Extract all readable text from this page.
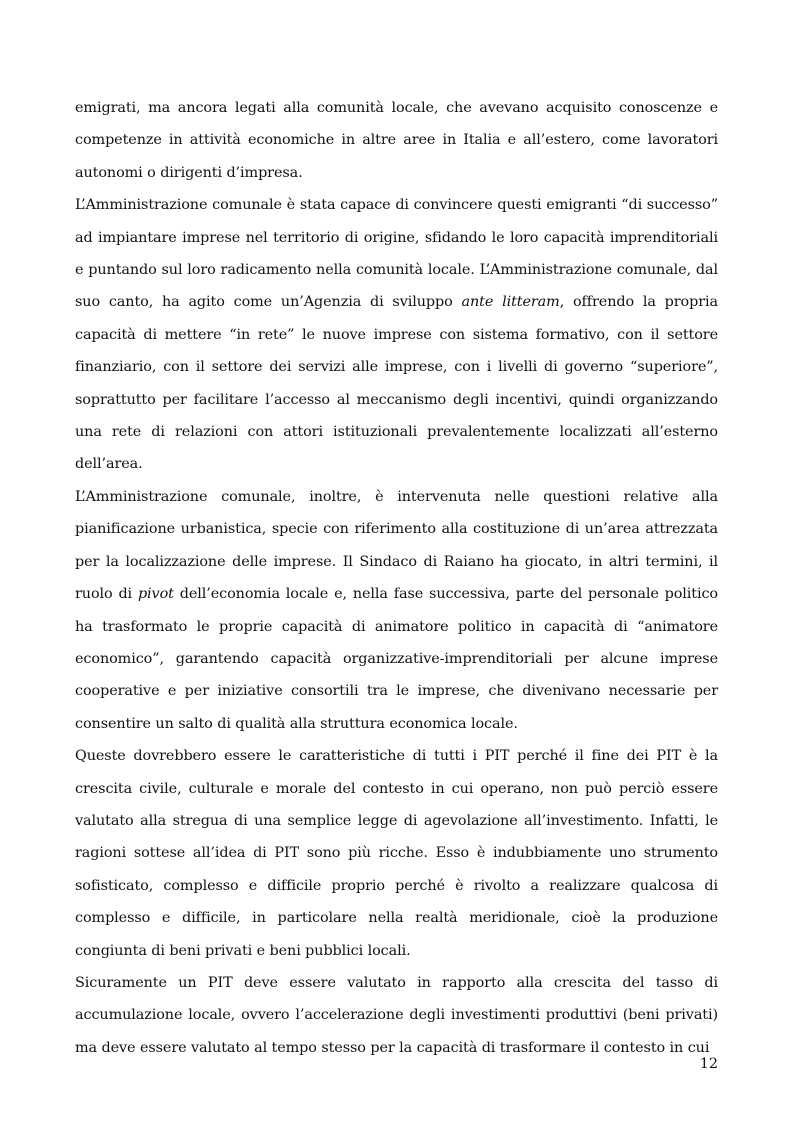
emigrati, ma ancora legati alla comunità locale, che avevano acquisito conoscenze e competenze in attività economiche in altre aree in Italia e all’estero, come lavoratori autonomi o dirigenti d’impresa.

L’Amministrazione comunale è stata capace di convincere questi emigranti “di successo” ad impiantare imprese nel territorio di origine, sfidando le loro capacità imprenditoriali e puntando sul loro radicamento nella comunità locale. L’Amministrazione comunale, dal suo canto, ha agito come un’Agenzia di sviluppo ante litteram, offrendo la propria capacità di mettere “in rete” le nuove imprese con sistema formativo, con il settore finanziario, con il settore dei servizi alle imprese, con i livelli di governo “superiore”, soprattutto per facilitare l’accesso al meccanismo degli incentivi, quindi organizzando una rete di relazioni con attori istituzionali prevalentemente localizzati all’esterno dell’area.

L’Amministrazione comunale, inoltre, è intervenuta nelle questioni relative alla pianificazione urbanistica, specie con riferimento alla costituzione di un’area attrezzata per la localizzazione delle imprese. Il Sindaco di Raiano ha giocato, in altri termini, il ruolo di pivot dell’economia locale e, nella fase successiva, parte del personale politico ha trasformato le proprie capacità di animatore politico in capacità di “animatore economico”, garantendo capacità organizzative-imprenditoriali per alcune imprese cooperative e per iniziative consortili tra le imprese, che divenivano necessarie per consentire un salto di qualità alla struttura economica locale.

Queste dovrebbero essere le caratteristiche di tutti i PIT perché il fine dei PIT è la crescita civile, culturale e morale del contesto in cui operano, non può perciò essere valutato alla stregua di una semplice legge di agevolazione all’investimento. Infatti, le ragioni sottese all’idea di PIT sono più ricche. Esso è indubbiamente uno strumento sofisticato, complesso e difficile proprio perché è rivolto a realizzare qualcosa di complesso e difficile, in particolare nella realtà meridionale, cioè la produzione congiunta di beni privati e beni pubblici locali.

Sicuramente un PIT deve essere valutato in rapporto alla crescita del tasso di accumulazione locale, ovvero l’accelerazione degli investimenti produttivi (beni privati) ma deve essere valutato al tempo stesso per la capacità di trasformare il contesto in cui

12
